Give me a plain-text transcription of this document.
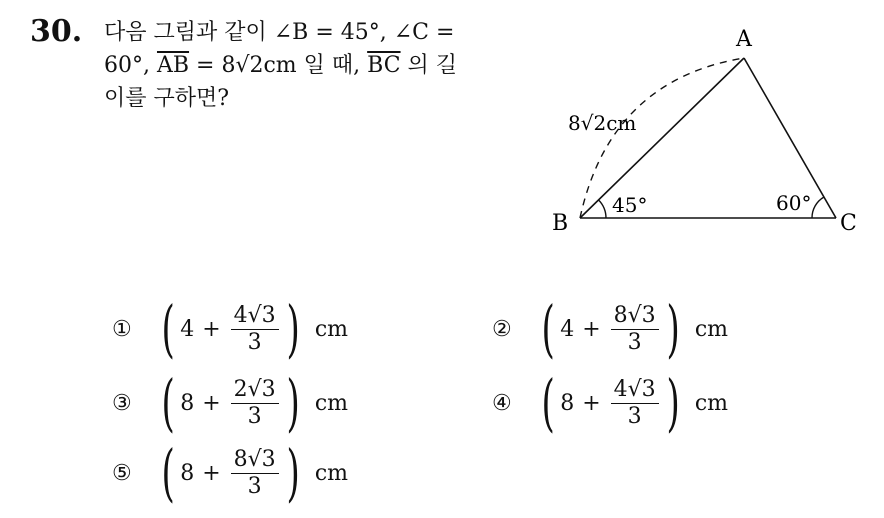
30. 다음 그림과 같이 ∠B = 45°, ∠C =
60°, $\overline{AB} = 8√2cm$ 일 때, $\overline{BC}$ 의 길
이를 구하면?
A
B	C
45°	60°
8√2cm
① ( $4 + \frac{4√3}{3}$ ) cm	② ( $4 + \frac{8√3}{3}$ ) cm
③ ( $8 + \frac{2√3}{3}$ ) cm	④ ( $8 + \frac{4√3}{3}$ ) cm
⑤ ( $8 + \frac{8√3}{3}$ ) cm
